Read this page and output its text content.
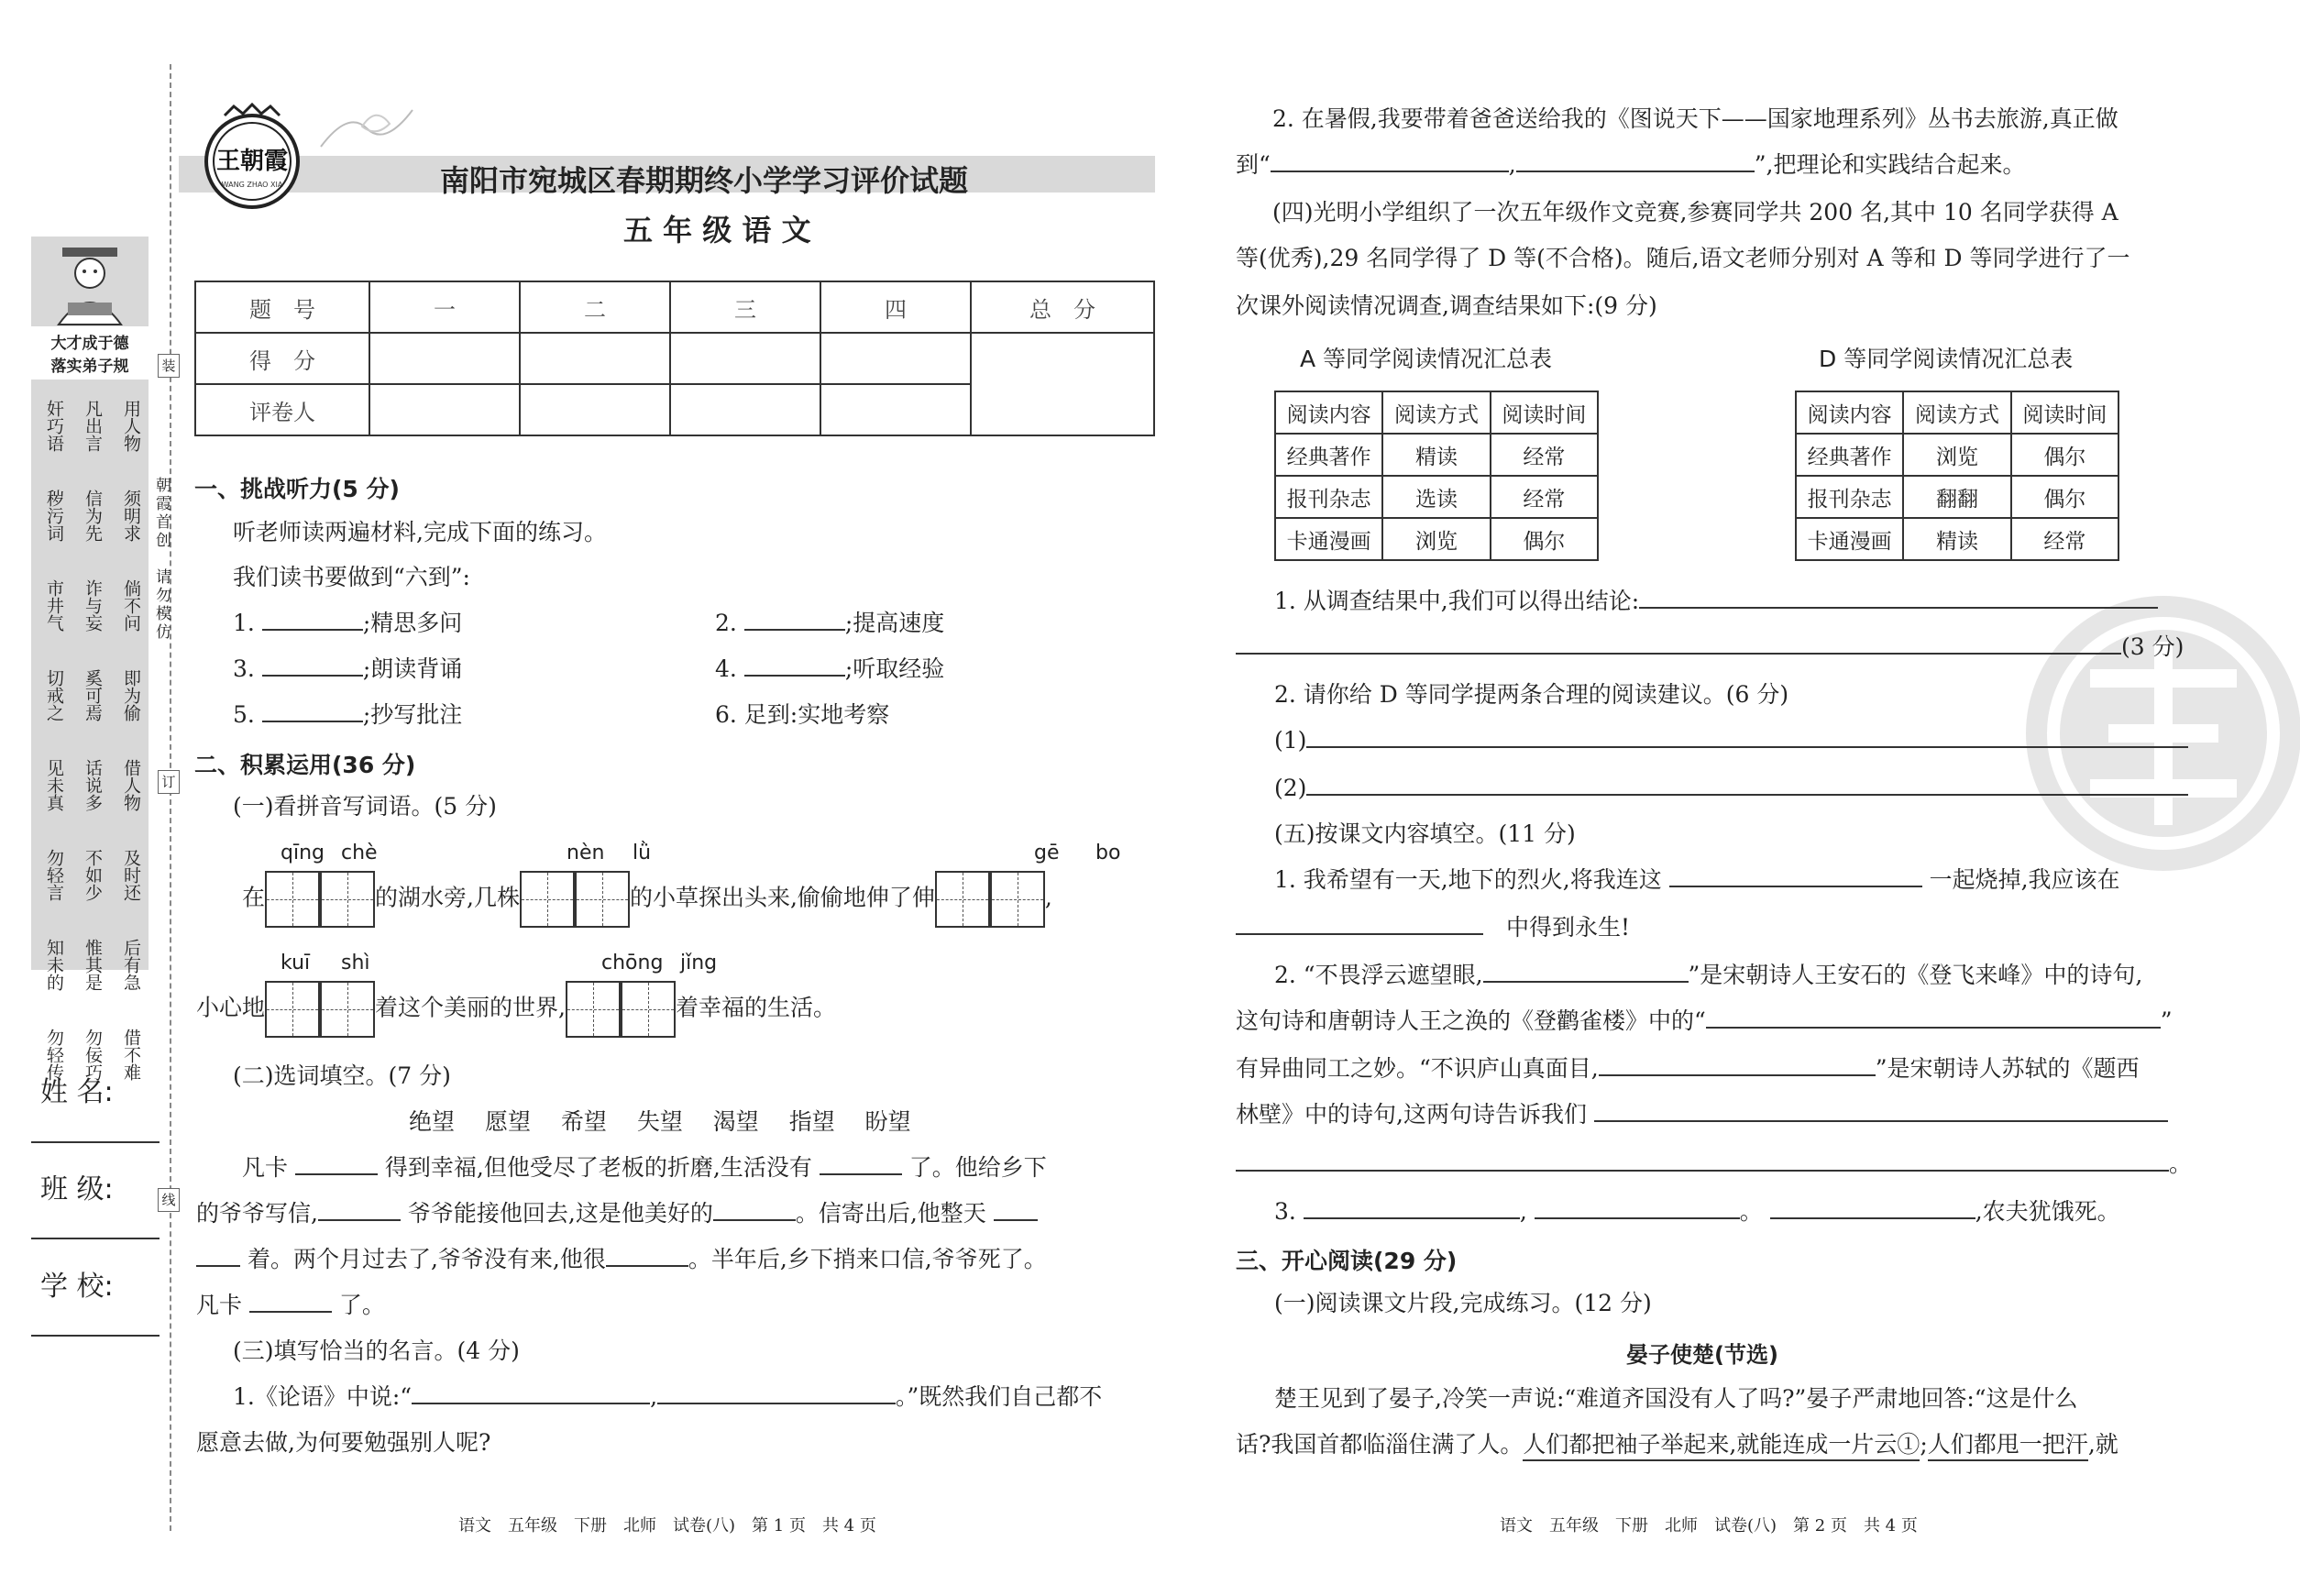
装
订
线
朝霞首创
请勿模仿
大才成于德
落实弟子规
奸巧语 凡出言 用人物
秽污词 信为先 须明求
市井气 诈与妄 倘不问
切戒之 奚可焉 即为偷
见未真 话说多 借人物
勿轻言 不如少 及时还
知未的 惟其是 后有急
勿轻传 勿佞巧 借不难
姓 名:
班 级:
学 校:
王朝霞
WANG ZHAO XIA	南阳市宛城区春期期终小学学习评价试题
五 年 级 语 文
题　号	一	二	三	四	总　分
得　分					
评卷人					
一、挑战听力(5 分)
听老师读两遍材料,完成下面的练习。
我们读书要做到“六到”:
1.	;精思多问	2.	;提高速度
3.	;朗读背诵	4.	;听取经验
5.	;抄写批注	6. 足到:实地考察
二、积累运用(36 分)
(一)看拼音写词语。(5 分)
qīng chè	nèn lǜ	gē bo
在	的湖水旁,几株	的小草探出头来,偷偷地伸了伸	,
kuī shì	chōng jǐng
小心地	着这个美丽的世界,	着幸福的生活。
(二)选词填空。(7 分)
绝望　 愿望　 希望　 失望　 渴望　 指望　 盼望
凡卡	得到幸福,但他受尽了老板的折磨,生活没有	了。他给乡下
的爷爷写信,	爷爷能接他回去,这是他美好的	。信寄出后,他整天
着。两个月过去了,爷爷没有来,他很	。半年后,乡下捎来口信,爷爷死了。
凡卡	了。
(三)填写恰当的名言。(4 分)
1.《论语》中说:“	,	。”既然我们自己都不
愿意去做,为何要勉强别人呢?
语文　五年级　下册　北师　试卷(八)　第 1 页　共 4 页
2. 在暑假,我要带着爸爸送给我的《图说天下——国家地理系列》丛书去旅游,真正做
到“	,	”,把理论和实践结合起来。
(四)光明小学组织了一次五年级作文竞赛,参赛同学共 200 名,其中 10 名同学获得 A
等(优秀),29 名同学得了 D 等(不合格)。随后,语文老师分别对 A 等和 D 等同学进行了一
次课外阅读情况调查,调查结果如下:(9 分)
A 等同学阅读情况汇总表	D 等同学阅读情况汇总表
阅读内容	阅读方式	阅读时间
经典著作	精读	经常
报刊杂志	选读	经常
卡通漫画	浏览	偶尔
阅读内容	阅读方式	阅读时间
经典著作	浏览	偶尔
报刊杂志	翻翻	偶尔
卡通漫画	精读	经常
1. 从调查结果中,我们可以得出结论:
(3 分)
2. 请你给 D 等同学提两条合理的阅读建议。(6 分)
(1)
(2)
(五)按课文内容填空。(11 分)
1. 我希望有一天,地下的烈火,将我连这	一起烧掉,我应该在
　中得到永生!
2. “不畏浮云遮望眼,	”是宋朝诗人王安石的《登飞来峰》中的诗句,
这句诗和唐朝诗人王之涣的《登鹳雀楼》中的“	”
有异曲同工之妙。“不识庐山真面目,	”是宋朝诗人苏轼的《题西
林壁》中的诗句,这两句诗告诉我们
。
3.	,	。	,农夫犹饿死。
三、开心阅读(29 分)
(一)阅读课文片段,完成练习。(12 分)
晏子使楚(节选)
楚王见到了晏子,冷笑一声说:“难道齐国没有人了吗?”晏子严肃地回答:“这是什么
话?我国首都临淄住满了人。人们都把袖子举起来,就能连成一片云①;人们都甩一把汗,就
语文　五年级　下册　北师　试卷(八)　第 2 页　共 4 页
